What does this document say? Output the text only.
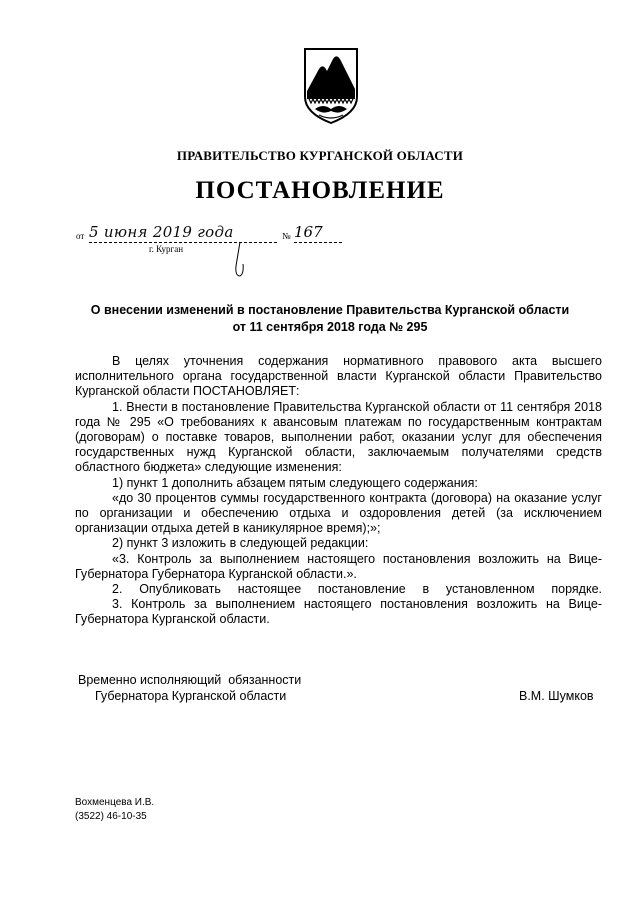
ПРАВИТЕЛЬСТВО КУРГАНСКОЙ ОБЛАСТИ
ПОСТАНОВЛЕНИЕ
от 5 июня 2019 года	№ 167
г. Курган
О внесении изменений в постановление Правительства Курганской области
от 11 сентября 2018 года № 295

В целях уточнения содержания нормативного правового акта высшего исполнительного органа государственной власти Курганской области Правительство Курганской области ПОСТАНОВЛЯЕТ:

1. Внести в постановление Правительства Курганской области от 11 сентября 2018 года № 295 «О требованиях к авансовым платежам по государственным контрактам (договорам) о поставке товаров, выполнении работ, оказании услуг для обеспечения государственных нужд Курганской области, заключаемым получателями средств областного бюджета» следующие изменения:

1) пункт 1 дополнить абзацем пятым следующего содержания:

«до 30 процентов суммы государственного контракта (договора) на оказание услуг по организации и обеспечению отдыха и оздоровления детей (за исключением организации отдыха детей в каникулярное время);»;

2) пункт 3 изложить в следующей редакции:

«3. Контроль за выполнением настоящего постановления возложить на Вице-Губернатора Губернатора Курганской области.».

2. Опубликовать настоящее постановление в установленном порядке.

3. Контроль за выполнением настоящего постановления возложить на Вице-Губернатора Курганской области.

Временно исполняющий  обязанности
Губернатора Курганской области	В.М. Шумков
Вохменцева И.В.
(3522) 46-10-35
